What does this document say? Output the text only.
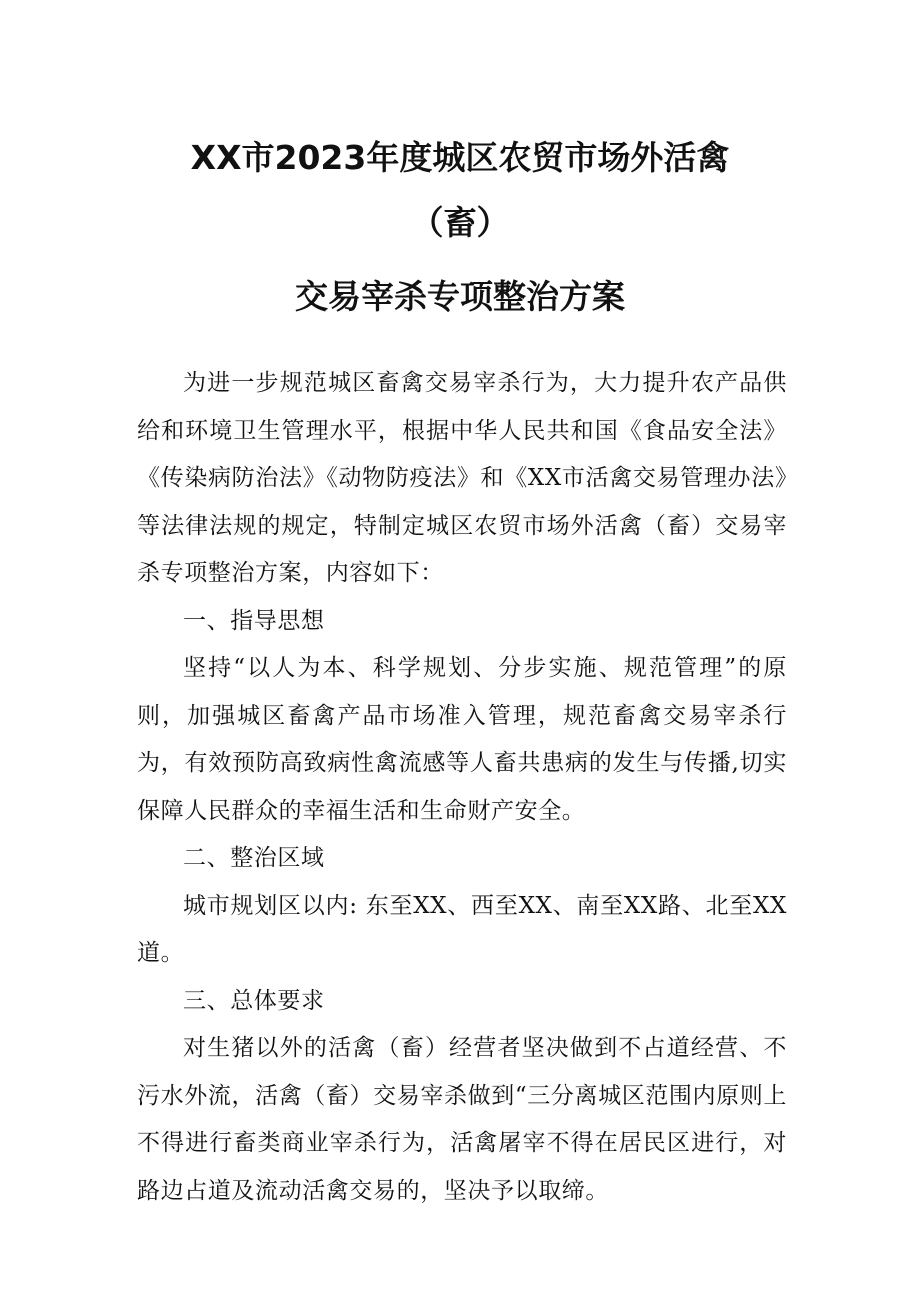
XX市2023年度城区农贸市场外活禽
（畜）
交易宰杀专项整治方案

为进一步规范城区畜禽交易宰杀行为，大力提升农产品供给和环境卫生管理水平，根据中华人民共和国《食品安全法》《传染病防治法》《动物防疫法》和《XX市活禽交易管理办法》等法律法规的规定，特制定城区农贸市场外活禽（畜）交易宰杀专项整治方案，内容如下：

一、指导思想

坚持“以人为本、科学规划、分步实施、规范管理”的原则，加强城区畜禽产品市场准入管理，规范畜禽交易宰杀行为，有效预防高致病性禽流感等人畜共患病的发生与传播,切实保障人民群众的幸福生活和生命财产安全。

二、整治区域

城市规划区以内: 东至XX、西至XX、南至XX路、北至XX道。

三、总体要求

对生猪以外的活禽（畜）经营者坚决做到不占道经营、不污水外流，活禽（畜）交易宰杀做到“三分离城区范围内原则上不得进行畜类商业宰杀行为，活禽屠宰不得在居民区进行，对路边占道及流动活禽交易的，坚决予以取缔。
